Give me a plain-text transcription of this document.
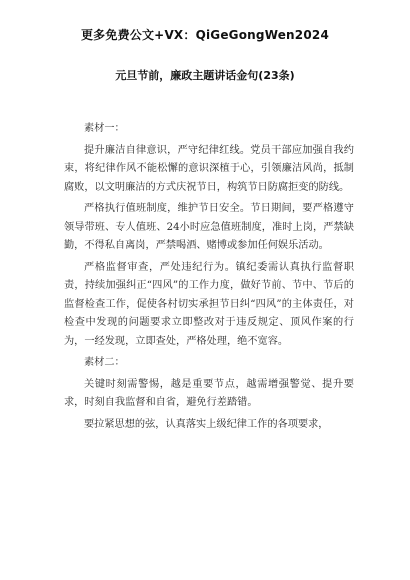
更多免费公文+VX：QiGeGongWen2024
元旦节前，廉政主题讲话金句(23条)

素材一：

提升廉洁自律意识，严守纪律红线。党员干部应加强自我约束，将纪律作风不能松懈的意识深植于心，引领廉洁风尚，抵制腐败，以文明廉洁的方式庆祝节日，构筑节日防腐拒变的防线。

严格执行值班制度，维护节日安全。节日期间，要严格遵守领导带班、专人值班、24小时应急值班制度，准时上岗，严禁缺勤，不得私自离岗，严禁喝酒、赌博或参加任何娱乐活动。

严格监督审查，严处违纪行为。镇纪委需认真执行监督职责，持续加强纠正“四风”的工作力度，做好节前、节中、节后的监督检查工作，促使各村切实承担节日纠“四风”的主体责任，对检查中发现的问题要求立即整改对于违反规定、顶风作案的行为，一经发现，立即查处，严格处理，绝不宽容。

素材二：

关键时刻需警惕，越是重要节点，越需增强警觉、提升要求，时刻自我监督和自省，避免行差踏错。

要拉紧思想的弦，认真落实上级纪律工作的各项要求，
